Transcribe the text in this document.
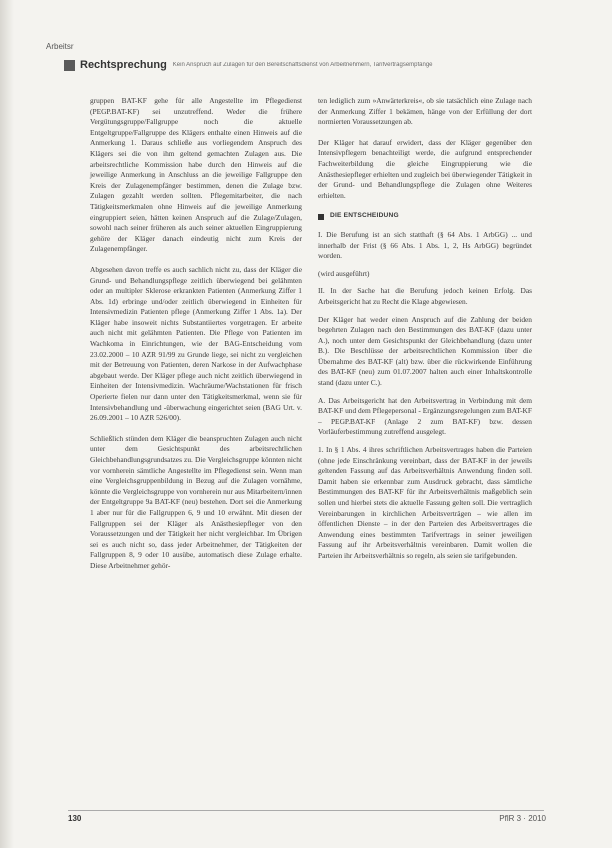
Arbeitsr
Rechtsprechung Kein Anspruch auf Zulagen für den Bereitschaftsdienst von Arbeitnehmern, Tarifvertragsempfänge

gruppen BAT-KF gehe für alle Angestellte im Pflegedienst (PEGP.BAT-KF) sei unzutreffend. Weder die frühere Vergütungsgruppe/Fallgruppe noch die aktuelle Entgeltgruppe/Fallgruppe des Klägers enthalte einen Hinweis auf die Anmerkung 1. Daraus schließe aus vorliegendem Anspruch des Klägers sei die von ihm geltend gemachten Zulagen aus. Die arbeitsrechtliche Kommission habe durch den Hinweis auf die jeweilige Anmerkung in Anschluss an die jeweilige Fallgruppe den Kreis der Zulagenempfänger bestimmen, denen die Zulage bzw. Zulagen gezahlt werden sollten. Pflegemitarbeiter, die nach Tätigkeitsmerkmalen ohne Hinweis auf die jeweilige Anmerkung eingruppiert seien, hätten keinen Anspruch auf die Zulage/Zulagen, sowohl nach seiner früheren als auch seiner aktuellen Eingruppierung gehöre der Kläger danach eindeutig nicht zum Kreis der Zulagenempfänger.

Abgesehen davon treffe es auch sachlich nicht zu, dass der Kläger die Grund- und Behandlungspflege zeitlich überwiegend bei gelähmten oder an multipler Sklerose erkrankten Patienten (Anmerkung Ziffer 1 Abs. 1d) erbringe und/oder zeitlich überwiegend in Einheiten für Intensivmedizin Patienten pflege (Anmerkung Ziffer 1 Abs. 1a). Der Kläger habe insoweit nichts Substantiiertes vorgetragen. Er arbeite auch nicht mit gelähmten Patienten. Die Pflege von Patienten im Wachkoma in Einrichtungen, wie der BAG-Entscheidung vom 23.02.2000 – 10 AZR 91/99 zu Grunde liege, sei nicht zu vergleichen mit der Betreuung von Patienten, deren Narkose in der Aufwachphase abgebaut werde. Der Kläger pflege auch nicht zeitlich überwiegend in Einheiten der Intensivmedizin. Wachräume/Wachstationen für frisch Operierte fielen nur dann unter den Tätigkeitsmerkmal, wenn sie für Intensivbehandlung und -überwachung eingerichtet seien (BAG Urt. v. 26.09.2001 – 10 AZR 526/00).

Schließlich stünden dem Kläger die beanspruchten Zulagen auch nicht unter dem Gesichtspunkt des arbeitsrechtlichen Gleichbehandlungsgrundsatzes zu. Die Vergleichsgruppe könnten nicht vor vornherein sämtliche Angestellte im Pflegedienst sein. Wenn man eine Vergleichsgruppenbildung in Bezug auf die Zulagen vornähme, könnte die Vergleichsgruppe von vornherein nur aus Mitarbeitern/innen der Entgeltgruppe 9a BAT-KF (neu) bestehen. Dort sei die Anmerkung 1 aber nur für die Fallgruppen 6, 9 und 10 erwähnt. Mit diesen der Fallgruppen sei der Kläger als Anästhesiepfleger von den Voraussetzungen und der Tätigkeit her nicht vergleichbar. Im Übrigen sei es auch nicht so, dass jeder Arbeitnehmer, der Tätigkeiten der Fallgruppen 8, 9 oder 10 ausübe, automatisch diese Zulage erhalte. Diese Arbeitnehmer gehör-

ten lediglich zum »Anwärterkreis«, ob sie tatsächlich eine Zulage nach der Anmerkung Ziffer 1 bekämen, hänge von der Erfüllung der dort normierten Voraussetzungen ab.

Der Kläger hat darauf erwidert, dass der Kläger gegenüber den Intensivpflegern benachteiligt werde, die aufgrund entsprechender Fachweiterbildung die gleiche Eingruppierung wie die Anästhesiepfleger erhielten und zugleich bei überwiegender Tätigkeit in der Grund- und Behandlungspflege die Zulagen ohne Weiteres erhielten.

DIE ENTSCHEIDUNG

I. Die Berufung ist an sich statthaft (§ 64 Abs. 1 ArbGG) ... und innerhalb der Frist (§ 66 Abs. 1 Abs. 1, 2, Hs ArbGG) begründet worden.

(wird ausgeführt)

II. In der Sache hat die Berufung jedoch keinen Erfolg. Das Arbeitsgericht hat zu Recht die Klage abgewiesen.

Der Kläger hat weder einen Anspruch auf die Zahlung der beiden begehrten Zulagen nach den Bestimmungen des BAT-KF (dazu unter A.), noch unter dem Gesichtspunkt der Gleichbehandlung (dazu unter B.). Die Beschlüsse der arbeitsrechtlichen Kommission über die Übernahme des BAT-KF (alt) bzw. über die rückwirkende Einführung des BAT-KF (neu) zum 01.07.2007 halten auch einer Inhaltskontrolle stand (dazu unter C.).

A. Das Arbeitsgericht hat den Arbeitsvertrag in Verbindung mit dem BAT-KF und dem Pflegepersonal - Ergänzungsregelungen zum BAT-KF – PEGP.BAT-KF (Anlage 2 zum BAT-KF) bzw. dessen Vorläuferbestimmung zutreffend ausgelegt.

1. In § 1 Abs. 4 ihres schriftlichen Arbeitsvertrages haben die Parteien (ohne jede Einschränkung vereinbart, dass der BAT-KF in der jeweils geltenden Fassung auf das Arbeitsverhältnis Anwendung finden soll. Damit haben sie erkennbar zum Ausdruck gebracht, dass sämtliche Bestimmungen des BAT-KF für ihr Arbeitsverhältnis maßgeblich sein sollen und hierbei stets die aktuelle Fassung gelten soll. Die vertraglich Vereinbarungen in kirchlichen Arbeitsverträgen – wie allen im öffentlichen Dienste – in der den Parteien des Arbeitsvertrages die Anwendung eines bestimmten Tarifvertrags in seiner jeweiligen Fassung auf ihr Arbeitsverhältnis vereinbaren. Damit wollen die Parteien ihr Arbeitsverhältnis so regeln, als seien sie tarifgebunden.

130	PflR 3 · 2010
